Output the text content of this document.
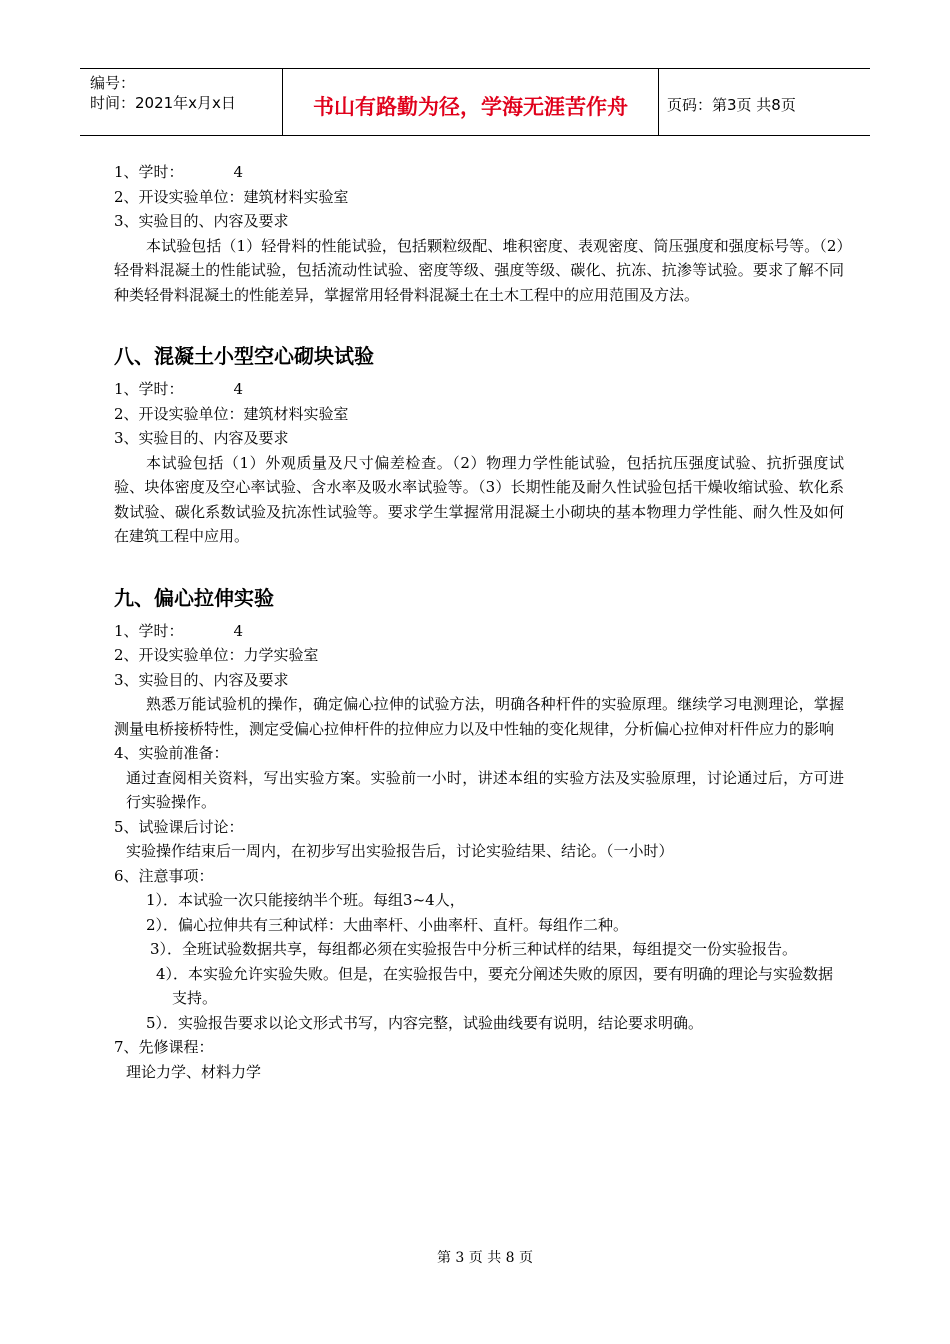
编号：
时间：2021年x月x日	书山有路勤为径，学海无涯苦作舟	页码：第3页 共8页
1、学时：	4
2、开设实验单位：建筑材料实验室
3、实验目的、内容及要求
本试验包括（1）轻骨料的性能试验，包括颗粒级配、堆积密度、表观密度、筒压强度和强度标号等。（2）轻骨料混凝土的性能试验，包括流动性试验、密度等级、强度等级、碳化、抗冻、抗渗等试验。要求了解不同种类轻骨料混凝土的性能差异，掌握常用轻骨料混凝土在土木工程中的应用范围及方法。
八、混凝土小型空心砌块试验
1、学时：	4
2、开设实验单位：建筑材料实验室
3、实验目的、内容及要求
本试验包括（1）外观质量及尺寸偏差检查。（2）物理力学性能试验，包括抗压强度试验、抗折强度试验、块体密度及空心率试验、含水率及吸水率试验等。（3）长期性能及耐久性试验包括干燥收缩试验、软化系数试验、碳化系数试验及抗冻性试验等。要求学生掌握常用混凝土小砌块的基本物理力学性能、耐久性及如何在建筑工程中应用。
九、偏心拉伸实验
1、学时：	4
2、开设实验单位：力学实验室
3、实验目的、内容及要求
熟悉万能试验机的操作，确定偏心拉伸的试验方法，明确各种杆件的实验原理。继续学习电测理论，掌握测量电桥接桥特性，测定受偏心拉伸杆件的拉伸应力以及中性轴的变化规律，分析偏心拉伸对杆件应力的影响
4、实验前准备：
通过查阅相关资料，写出实验方案。实验前一小时，讲述本组的实验方法及实验原理，讨论通过后，方可进行实验操作。
5、试验课后讨论：
实验操作结束后一周内，在初步写出实验报告后，讨论实验结果、结论。（一小时）
6、注意事项：
1）．本试验一次只能接纳半个班。每组3~4人，
2）．偏心拉伸共有三种试样：大曲率杆、小曲率杆、直杆。每组作二种。
3）．全班试验数据共享，每组都必须在实验报告中分析三种试样的结果，每组提交一份实验报告。
4）．本实验允许实验失败。但是，在实验报告中，要充分阐述失败的原因，要有明确的理论与实验数据支持。
5）．实验报告要求以论文形式书写，内容完整，试验曲线要有说明，结论要求明确。
7、先修课程：
理论力学、材料力学
第 3 页 共 8 页
